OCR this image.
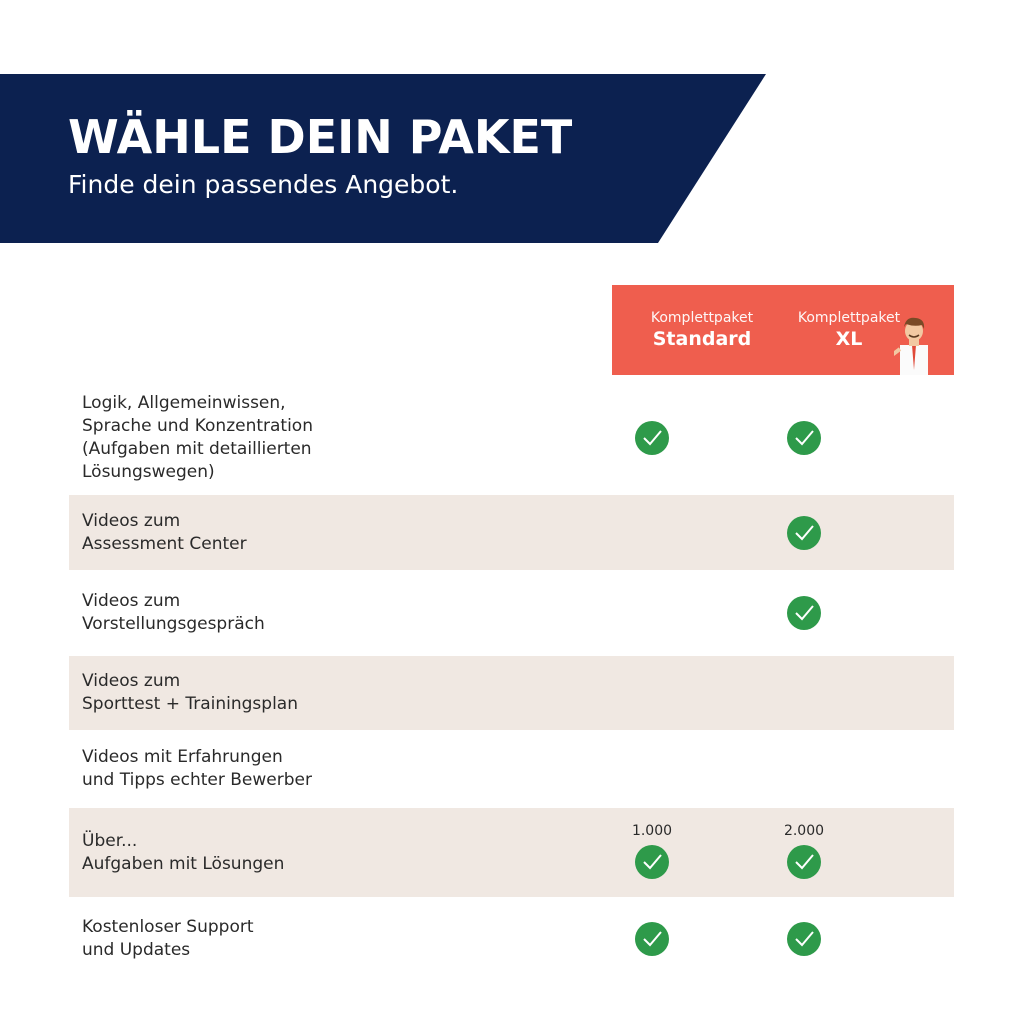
WÄHLE DEIN PAKET
Finde dein passendes Angebot.
Komplettpaket
Standard
Komplettpaket
XL
Logik, Allgemeinwissen,
Sprache und Konzentration
(Aufgaben mit detaillierten
Lösungswegen)
Videos zum
Assessment Center
Videos zum
Vorstellungsgespräch
Videos zum
Sporttest + Trainingsplan
Videos mit Erfahrungen
und Tipps echter Bewerber
Über...
Aufgaben mit Lösungen
1.000	2.000
Kostenloser Support
und Updates
